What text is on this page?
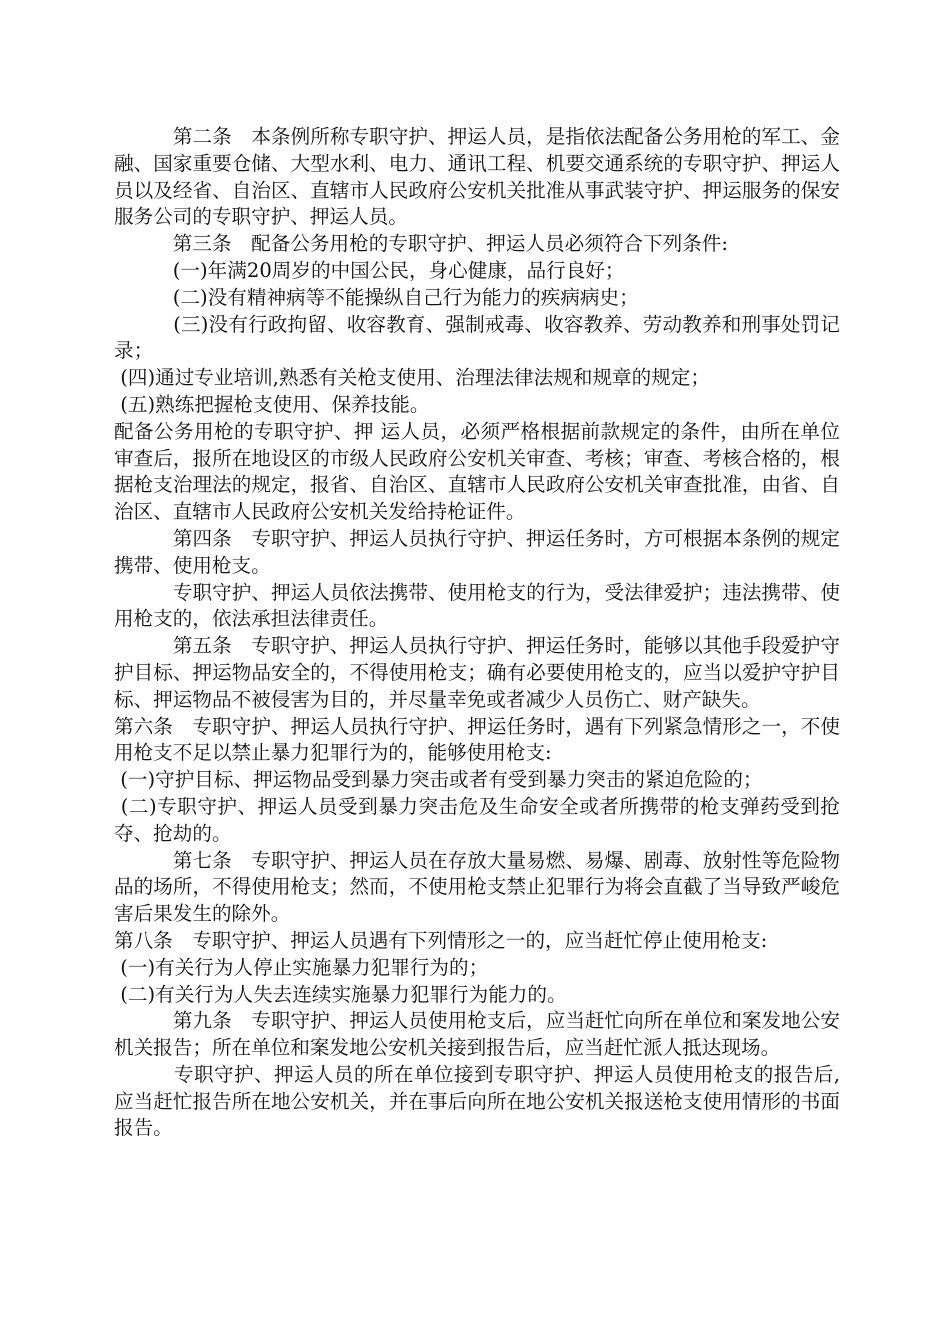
　　　第二条　本条例所称专职守护、押运人员，是指依法配备公务用枪的军工、金融、国家重要仓储、大型水利、电力、通讯工程、机要交通系统的专职守护、押运人员以及经省、自治区、直辖市人民政府公安机关批准从事武装守护、押运服务的保安服务公司的专职守护、押运人员。

　　　第三条　配备公务用枪的专职守护、押运人员必须符合下列条件:

　　　(一)年满20周岁的中国公民，身心健康，品行良好；

　　　(二)没有精神病等不能操纵自己行为能力的疾病病史；

　　　(三)没有行政拘留、收容教育、强制戒毒、收容教养、劳动教养和刑事处罚记录；

(四)通过专业培训,熟悉有关枪支使用、治理法律法规和规章的规定；

(五)熟练把握枪支使用、保养技能。

配备公务用枪的专职守护、押 运人员，必须严格根据前款规定的条件，由所在单位审查后，报所在地设区的市级人民政府公安机关审查、考核；审查、考核合格的，根据枪支治理法的规定，报省、自治区、直辖市人民政府公安机关审查批准，由省、自治区、直辖市人民政府公安机关发给持枪证件。

　　　第四条　专职守护、押运人员执行守护、押运任务时，方可根据本条例的规定携带、使用枪支。

　　　专职守护、押运人员依法携带、使用枪支的行为，受法律爱护；违法携带、使用枪支的，依法承担法律责任。

　　　第五条　专职守护、押运人员执行守护、押运任务时，能够以其他手段爱护守护目标、押运物品安全的，不得使用枪支；确有必要使用枪支的，应当以爱护守护目标、押运物品不被侵害为目的，并尽量幸免或者减少人员伤亡、财产缺失。

第六条　专职守护、押运人员执行守护、押运任务时，遇有下列紧急情形之一，不使用枪支不足以禁止暴力犯罪行为的，能够使用枪支:

(一)守护目标、押运物品受到暴力突击或者有受到暴力突击的紧迫危险的；

(二)专职守护、押运人员受到暴力突击危及生命安全或者所携带的枪支弹药受到抢夺、抢劫的。

　　　第七条　专职守护、押运人员在存放大量易燃、易爆、剧毒、放射性等危险物品的场所，不得使用枪支；然而，不使用枪支禁止犯罪行为将会直截了当导致严峻危害后果发生的除外。

第八条　专职守护、押运人员遇有下列情形之一的，应当赶忙停止使用枪支:

(一)有关行为人停止实施暴力犯罪行为的；

(二)有关行为人失去连续实施暴力犯罪行为能力的。

　　　第九条　专职守护、押运人员使用枪支后，应当赶忙向所在单位和案发地公安机关报告；所在单位和案发地公安机关接到报告后，应当赶忙派人抵达现场。

　　　专职守护、押运人员的所在单位接到专职守护、押运人员使用枪支的报告后,应当赶忙报告所在地公安机关，并在事后向所在地公安机关报送枪支使用情形的书面报告。
